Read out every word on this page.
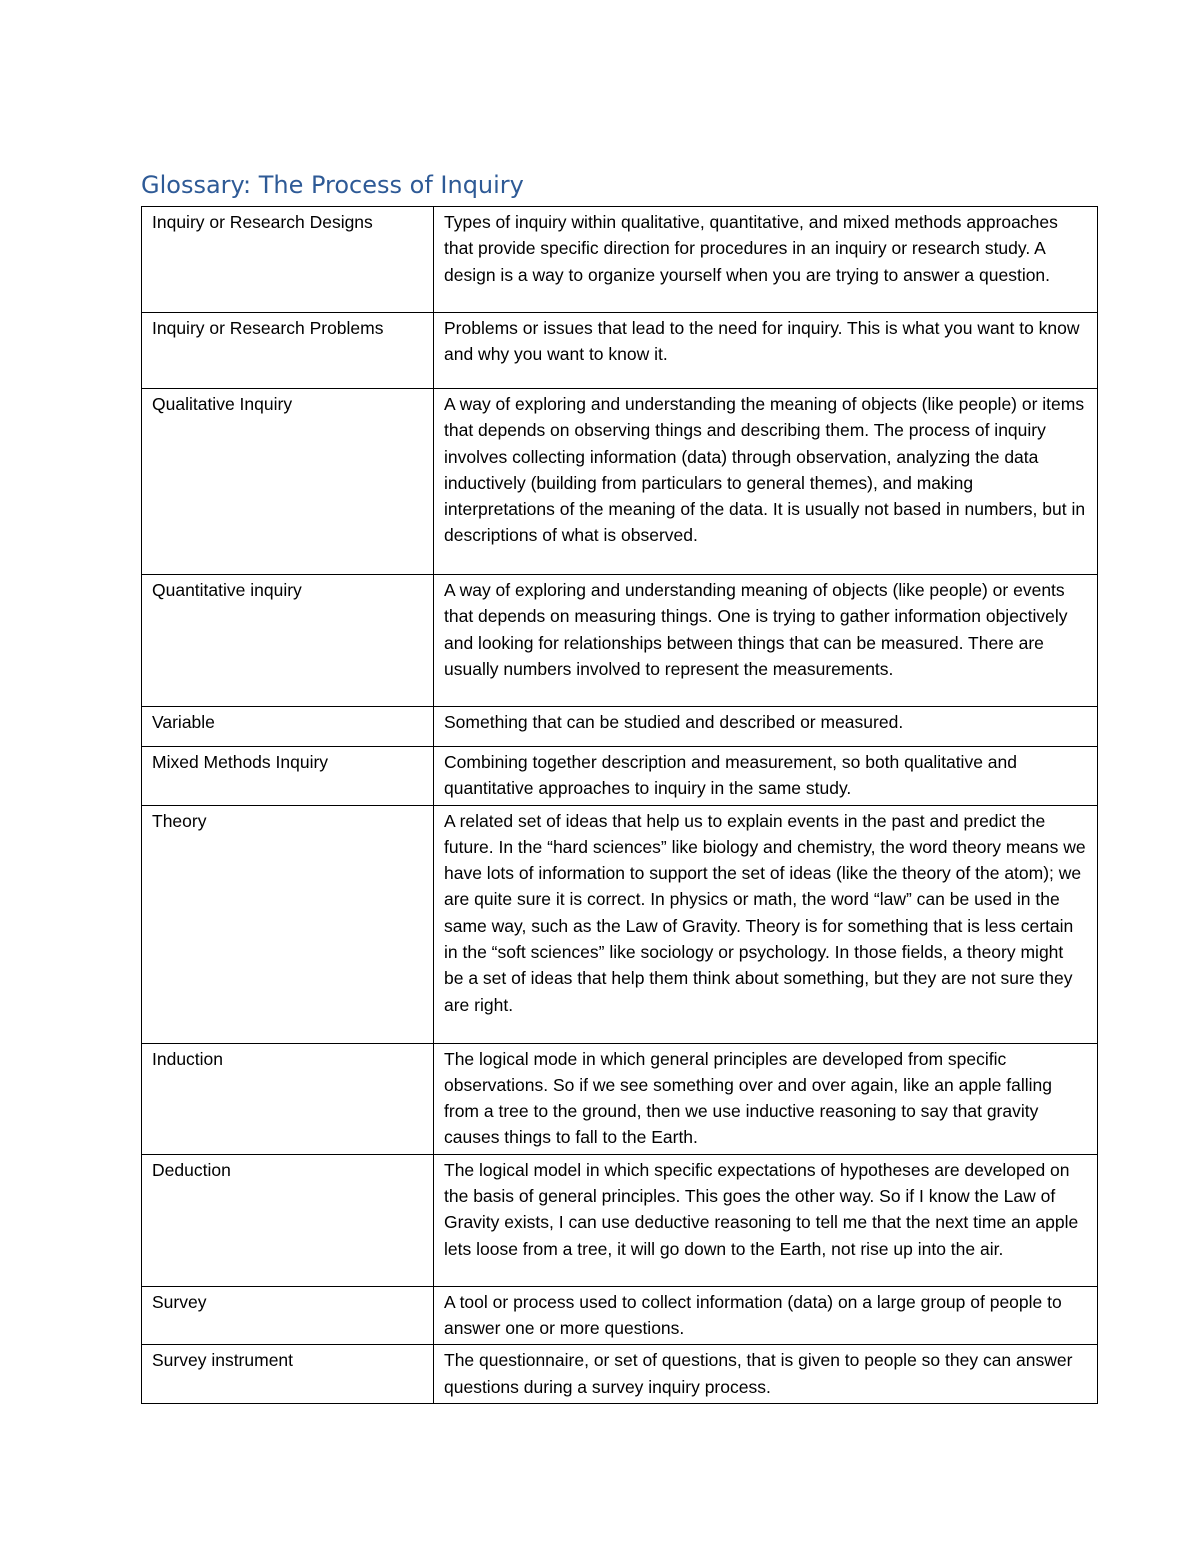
Glossary: The Process of Inquiry
Inquiry or Research Designs	Types of inquiry within qualitative, quantitative, and mixed methods approaches that provide specific direction for procedures in an inquiry or research study. A design is a way to organize yourself when you are trying to answer a question.
Inquiry or Research Problems	Problems or issues that lead to the need for inquiry. This is what you want to know and why you want to know it.
Qualitative Inquiry	A way of exploring and understanding the meaning of objects (like people) or items that depends on observing things and describing them. The process of inquiry involves collecting information (data) through observation, analyzing the data inductively (building from particulars to general themes), and making interpretations of the meaning of the data. It is usually not based in numbers, but in descriptions of what is observed.
Quantitative inquiry	A way of exploring and understanding meaning of objects (like people) or events that depends on measuring things. One is trying to gather information objectively and looking for relationships between things that can be measured. There are usually numbers involved to represent the measurements.
Variable	Something that can be studied and described or measured.
Mixed Methods Inquiry	Combining together description and measurement, so both qualitative and quantitative approaches to inquiry in the same study.
Theory	A related set of ideas that help us to explain events in the past and predict the future. In the “hard sciences” like biology and chemistry, the word theory means we have lots of information to support the set of ideas (like the theory of the atom); we are quite sure it is correct. In physics or math, the word “law” can be used in the same way, such as the Law of Gravity. Theory is for something that is less certain in the “soft sciences” like sociology or psychology. In those fields, a theory might be a set of ideas that help them think about something, but they are not sure they are right.
Induction	The logical mode in which general principles are developed from specific observations. So if we see something over and over again, like an apple falling from a tree to the ground, then we use inductive reasoning to say that gravity causes things to fall to the Earth.
Deduction	The logical model in which specific expectations of hypotheses are developed on the basis of general principles. This goes the other way. So if I know the Law of Gravity exists, I can use deductive reasoning to tell me that the next time an apple lets loose from a tree, it will go down to the Earth, not rise up into the air.
Survey	A tool or process used to collect information (data) on a large group of people to answer one or more questions.
Survey instrument	The questionnaire, or set of questions, that is given to people so they can answer questions during a survey inquiry process.
